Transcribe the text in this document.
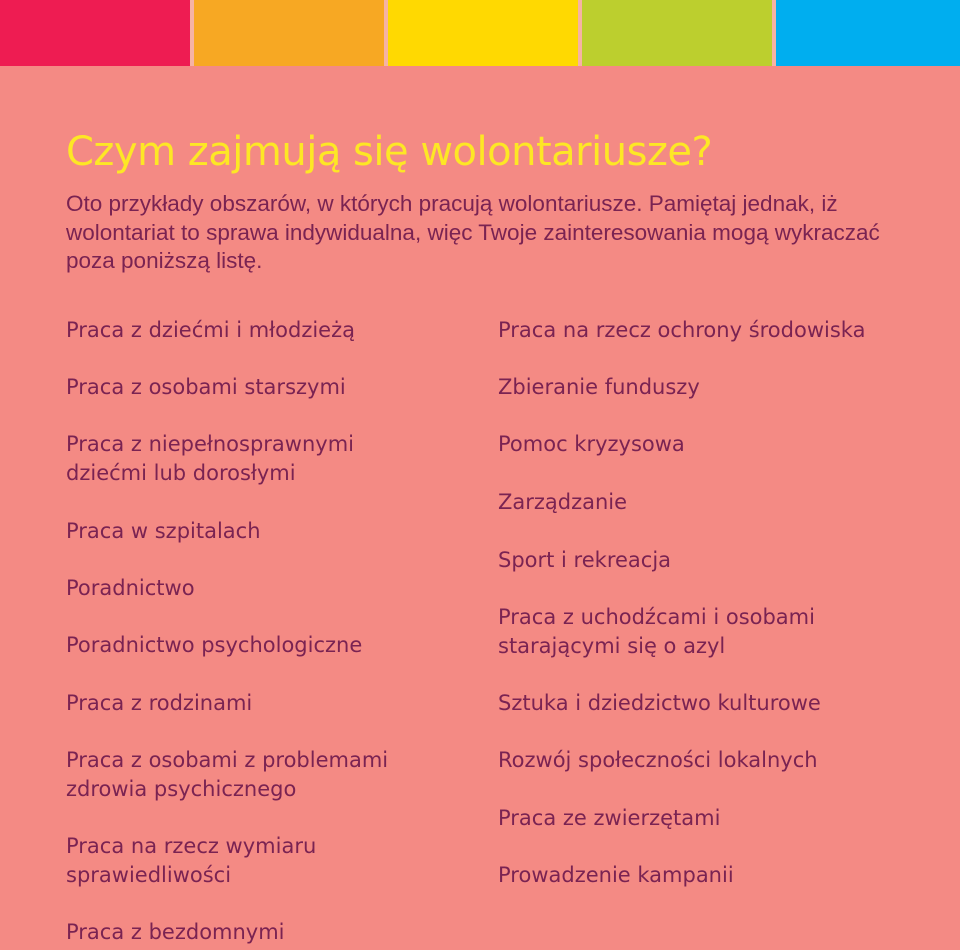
Czym zajmują się wolontariusze?

Oto przykłady obszarów, w których pracują wolontariusze. Pamiętaj jednak, iż wolontariat to sprawa indywidualna, więc Twoje zainteresowania mogą wykraczać poza poniższą listę.

Praca z dziećmi i młodzieżą
Praca z osobami starszymi
Praca z niepełnosprawnymi
dziećmi lub dorosłymi
Praca w szpitalach
Poradnictwo
Poradnictwo psychologiczne
Praca z rodzinami
Praca z osobami z problemami
zdrowia psychicznego
Praca na rzecz wymiaru
sprawiedliwości
Praca z bezdomnymi
Praca na rzecz ochrony środowiska
Zbieranie funduszy
Pomoc kryzysowa
Zarządzanie
Sport i rekreacja
Praca z uchodźcami i osobami
starającymi się o azyl
Sztuka i dziedzictwo kulturowe
Rozwój społeczności lokalnych
Praca ze zwierzętami
Prowadzenie kampanii
